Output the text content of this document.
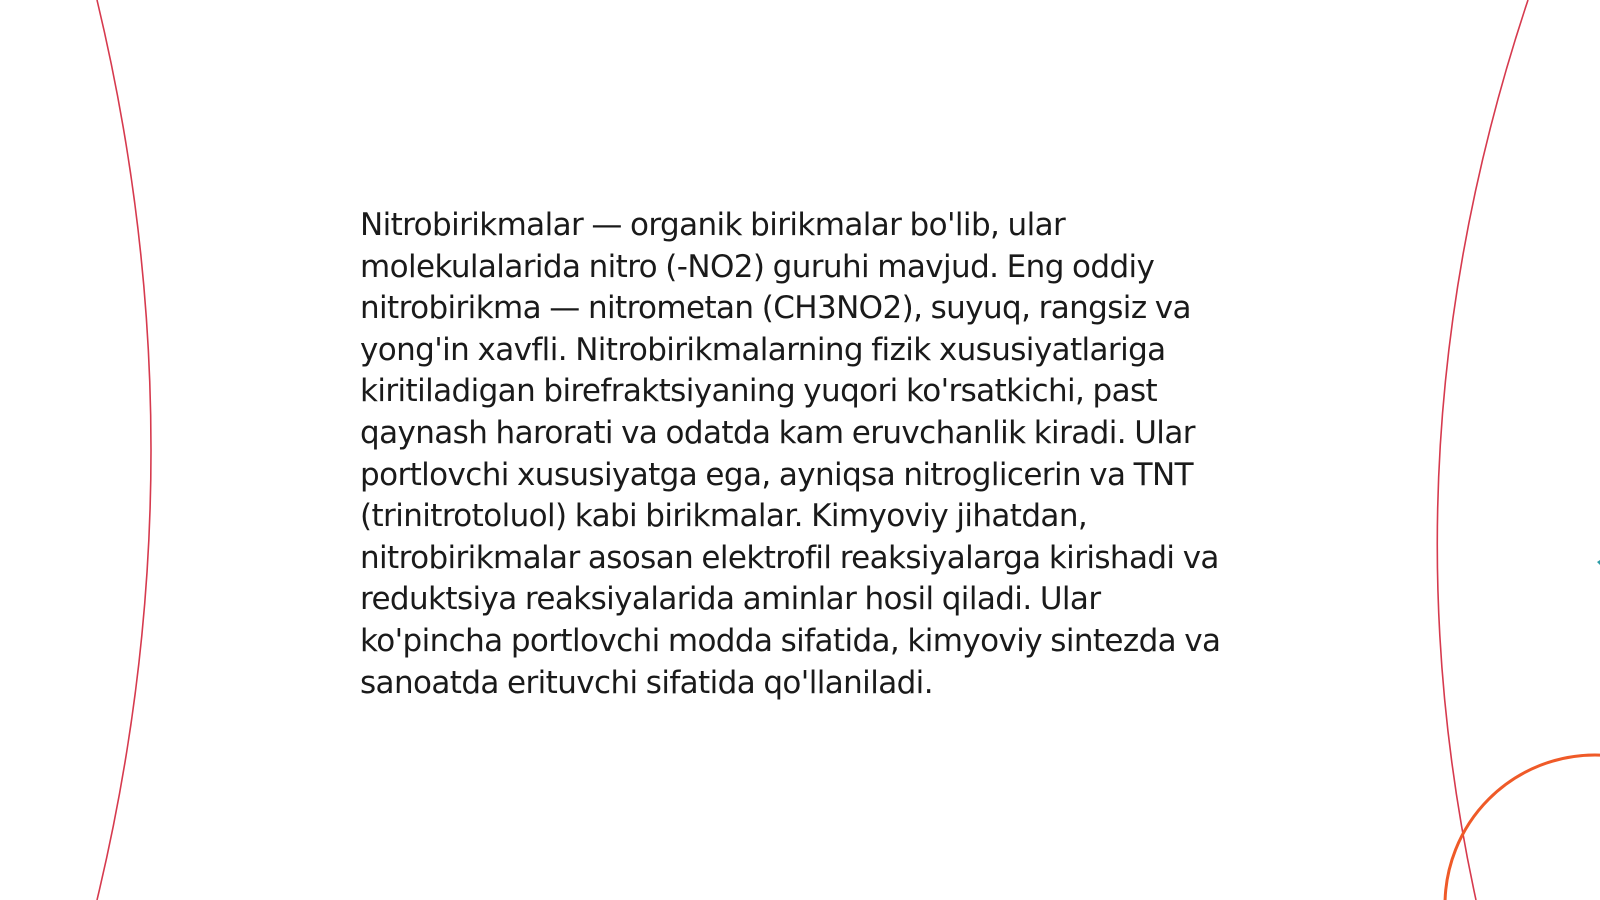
Nitrobirikmalar — organik birikmalar bo'lib, ular molekulalarida nitro (-NO2) guruhi mavjud. Eng oddiy nitrobirikma — nitrometan (CH3NO2), suyuq, rangsiz va yong'in xavfli. Nitrobirikmalarning fizik xususiyatlariga kiritiladigan birefraktsiyaning yuqori ko'rsatkichi, past qaynash harorati va odatda kam eruvchanlik kiradi. Ular portlovchi xususiyatga ega, ayniqsa nitroglicerin va TNT (trinitrotoluol) kabi birikmalar. Kimyoviy jihatdan, nitrobirikmalar asosan elektrofil reaksiyalarga kirishadi va reduktsiya reaksiyalarida aminlar hosil qiladi. Ular ko'pincha portlovchi modda sifatida, kimyoviy sintezda va sanoatda erituvchi sifatida qo'llaniladi.
